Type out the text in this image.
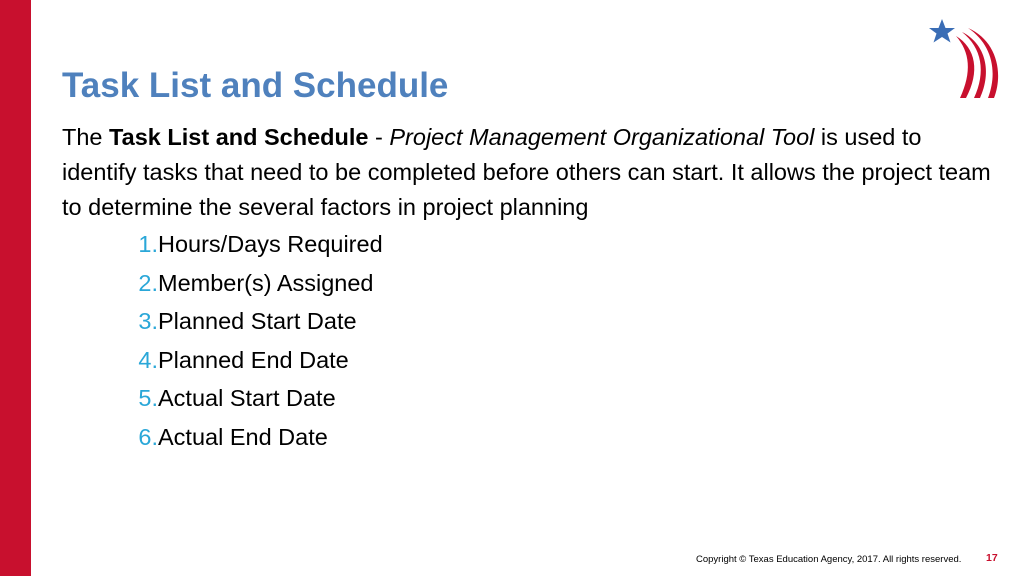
Task List and Schedule

The Task List and Schedule - Project Management Organizational Tool is used to identify tasks that need to be completed before others can start. It allows the project team to determine the several factors in project planning

1.Hours/Days Required
2.Member(s) Assigned
3.Planned Start Date
4.Planned End Date
5.Actual Start Date
6.Actual End Date
Copyright © Texas Education Agency, 2017. All rights reserved. 17
